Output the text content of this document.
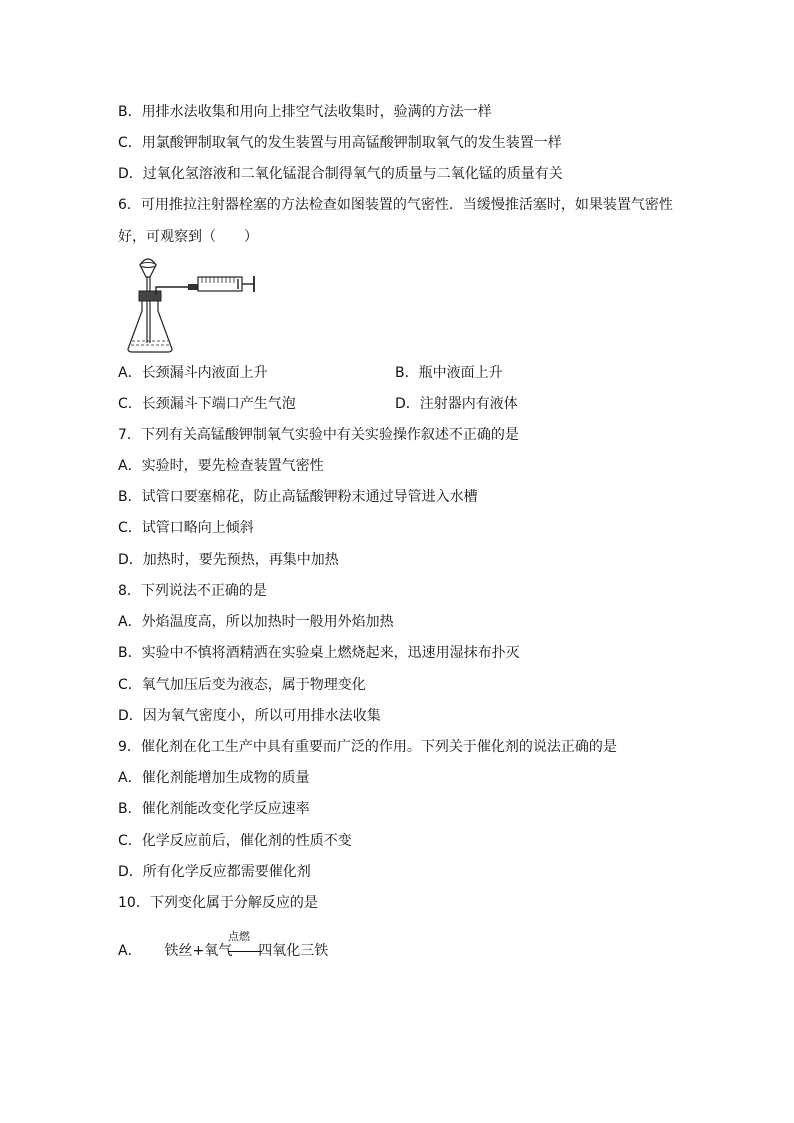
B．用排水法收集和用向上排空气法收集时，验满的方法一样
C．用氯酸钾制取氧气的发生装置与用高锰酸钾制取氧气的发生装置一样
D．过氧化氢溶液和二氧化锰混合制得氧气的质量与二氧化锰的质量有关
6．可用推拉注射器栓塞的方法检查如图装置的气密性．当缓慢推活塞时，如果装置气密性
好，可观察到（　　）
A．长颈漏斗内液面上升	B．瓶中液面上升
C．长颈漏斗下端口产生气泡	D．注射器内有液体
7．下列有关高锰酸钾制氧气实验中有关实验操作叙述不正确的是
A．实验时，要先检查装置气密性
B．试管口要塞棉花，防止高锰酸钾粉末通过导管进入水槽
C．试管口略向上倾斜
D．加热时，要先预热，再集中加热
8．下列说法不正确的是
A．外焰温度高，所以加热时一般用外焰加热
B．实验中不慎将酒精洒在实验桌上燃烧起来，迅速用湿抹布扑灭
C．氧气加压后变为液态，属于物理变化
D．因为氧气密度小，所以可用排水法收集
9．催化剂在化工生产中具有重要而广泛的作用。下列关于催化剂的说法正确的是
A．催化剂能增加生成物的质量
B．催化剂能改变化学反应速率
C．化学反应前后，催化剂的性质不变
D．所有化学反应都需要催化剂
10．下列变化属于分解反应的是
A． 铁丝+氧气 四氧化三铁
点燃
